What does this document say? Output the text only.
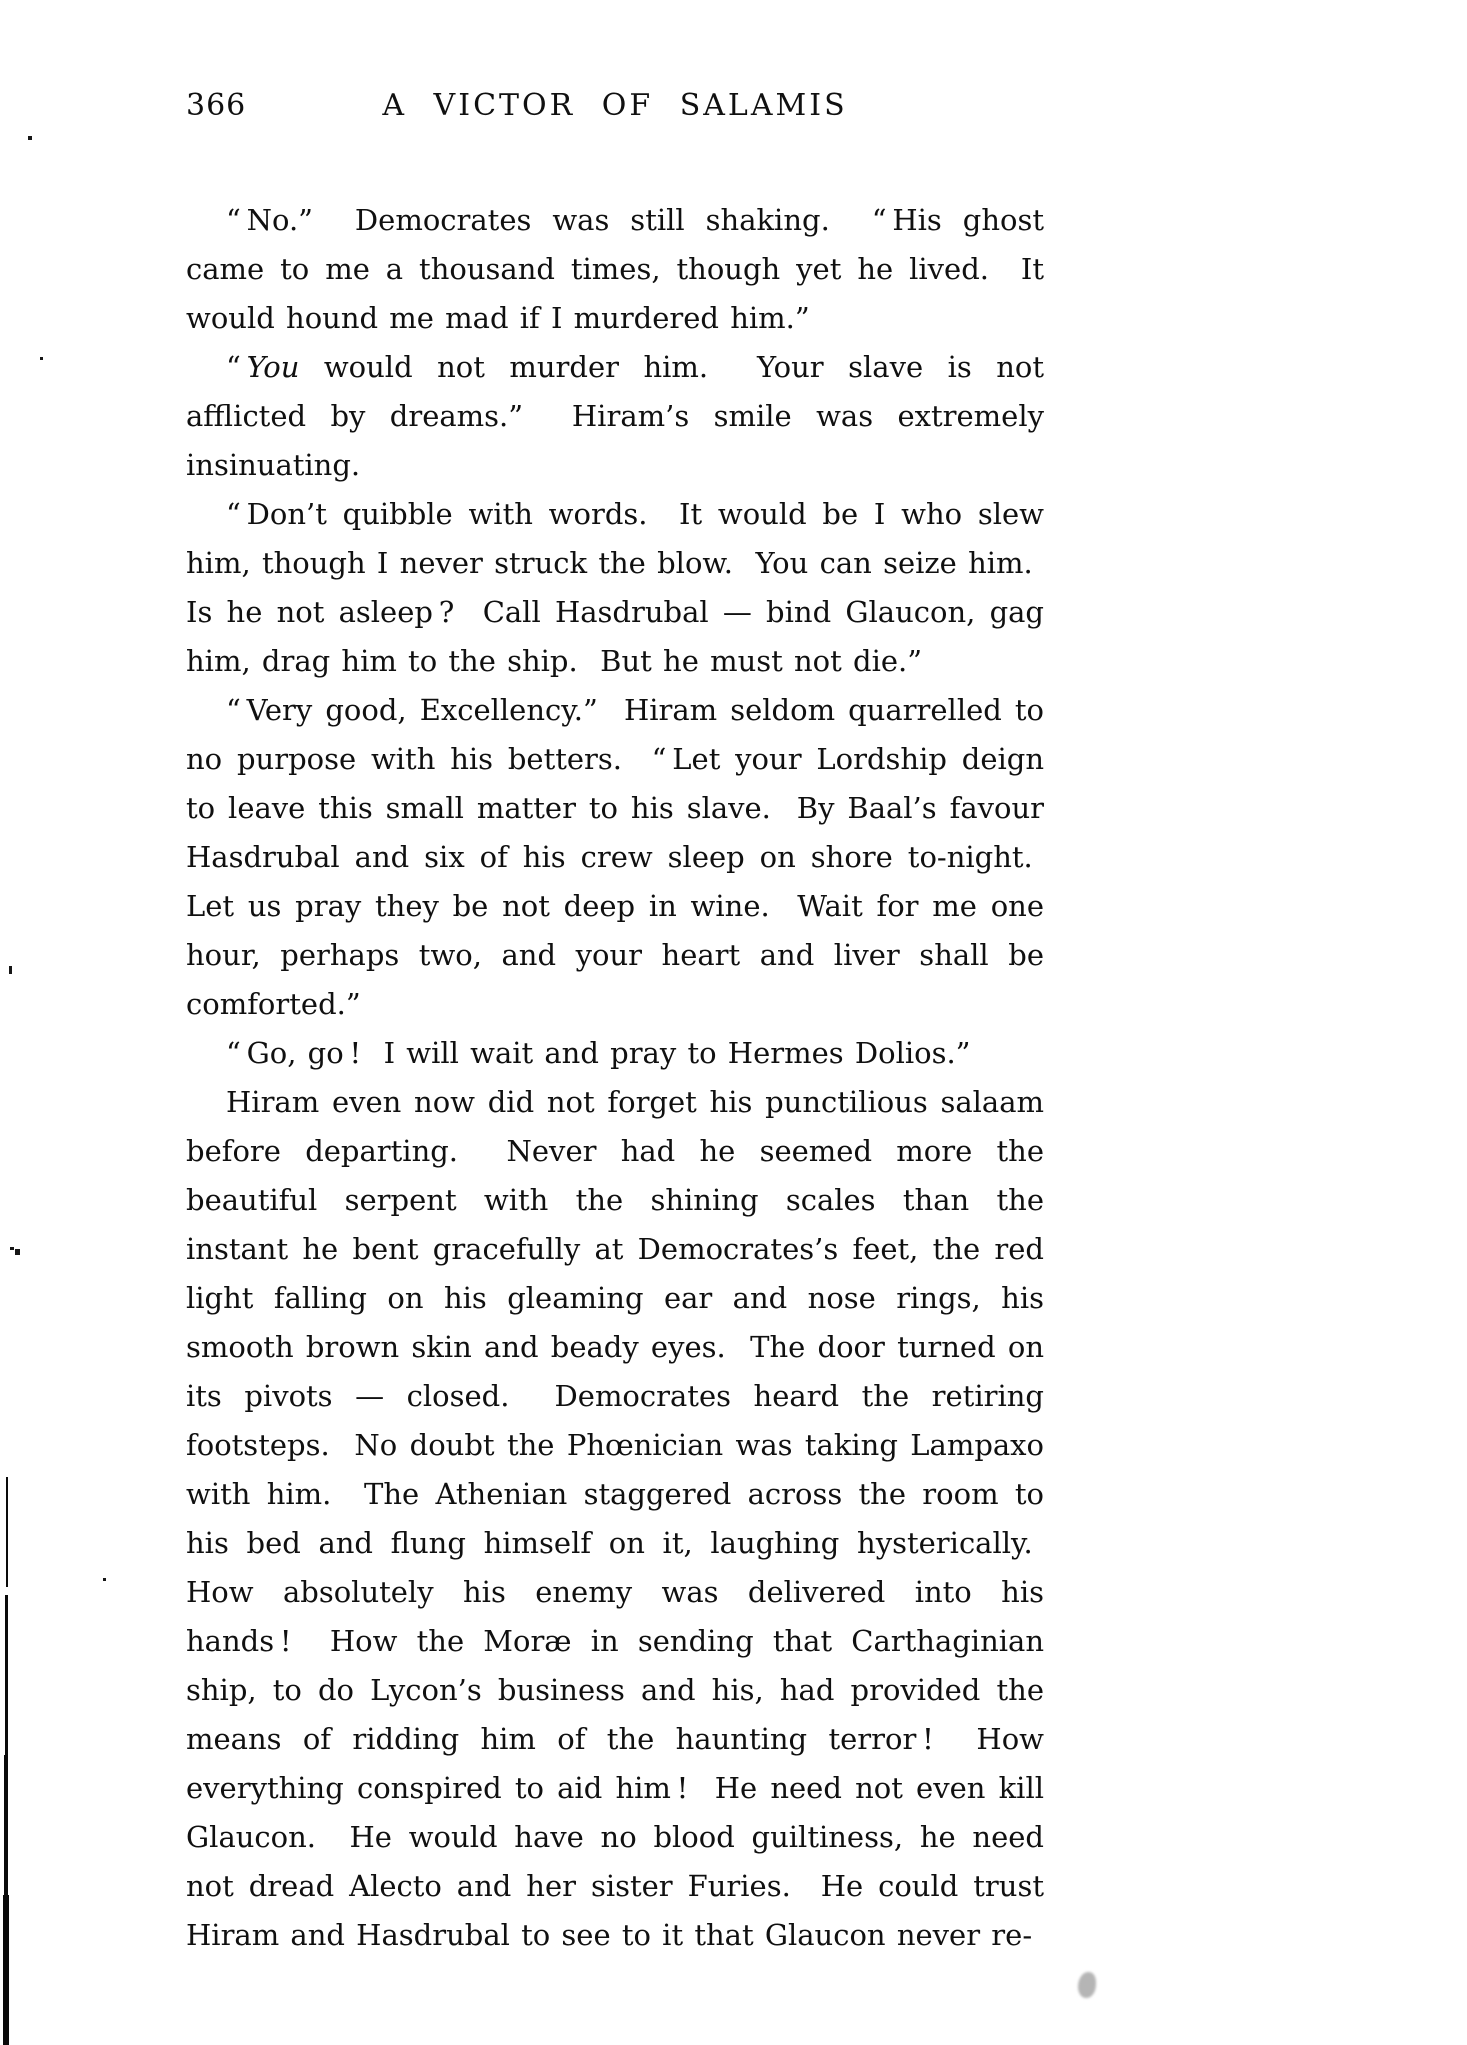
366	A VICTOR OF SALAMIS

“ No.”  Democrates was still shaking.  “ His ghost came to me a thousand times, though yet he lived.  It would hound me mad if I murdered him.”

“ You would not murder him.  Your slave is not afflicted by dreams.”  Hiram’s smile was extremely insinuating.

“ Don’t quibble with words.  It would be I who slew him, though I never struck the blow.  You can seize him.  Is he not asleep ?  Call Hasdrubal — bind Glaucon, gag him, drag him to the ship.  But he must not die.”

“ Very good, Excellency.”  Hiram seldom quarrelled to no purpose with his betters.  “ Let your Lordship deign to leave this small matter to his slave.  By Baal’s favour Hasdrubal and six of his crew sleep on shore to-night.  Let us pray they be not deep in wine.  Wait for me one hour, perhaps two, and your heart and liver shall be comforted.”

“ Go, go !  I will wait and pray to Hermes Dolios.”

Hiram even now did not forget his punctilious salaam before departing.  Never had he seemed more the beautiful serpent with the shining scales than the instant he bent gracefully at Democrates’s feet, the red light falling on his gleaming ear and nose rings, his smooth brown skin and beady eyes.  The door turned on its pivots — closed.  Democrates heard the retiring footsteps.  No doubt the Phœnician was taking Lampaxo with him.  The Athenian staggered across the room to his bed and flung himself on it, laughing hysterically.  How absolutely his enemy was delivered into his hands !  How the Moræ in sending that Carthaginian ship, to do Lycon’s business and his, had provided the means of ridding him of the haunting terror !  How everything conspired to aid him !  He need not even kill Glaucon.  He would have no blood guiltiness, he need not dread Alecto and her sister Furies.  He could trust Hiram and Hasdrubal to see to it that Glaucon never re-
